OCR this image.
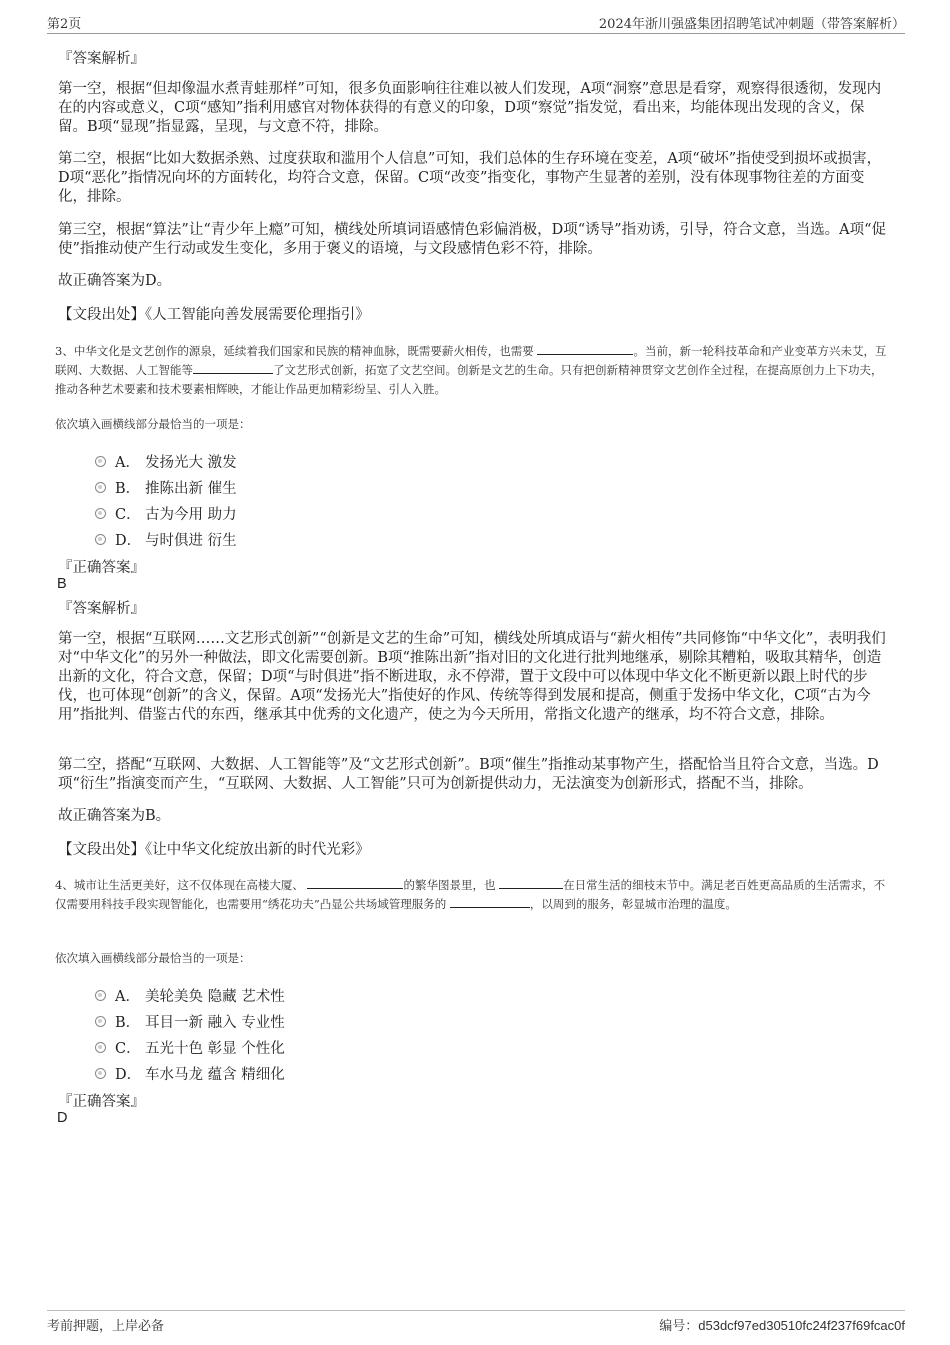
第2页	2024年浙川强盛集团招聘笔试冲刺题（带答案解析）
『答案解析』
第一空，根据“但却像温水煮青蛙那样”可知，很多负面影响往往难以被人们发现，A项“洞察”意思是看穿，观察得很透彻，发现内在的内容或意义，C项“感知”指利用感官对物体获得的有意义的印象，D项“察觉”指发觉，看出来，均能体现出发现的含义，保留。B项“显现”指显露，呈现，与文意不符，排除。
第二空，根据“比如大数据杀熟、过度获取和滥用个人信息”可知，我们总体的生存环境在变差，A项“破坏”指使受到损坏或损害，D项“恶化”指情况向坏的方面转化，均符合文意，保留。C项“改变”指变化，事物产生显著的差别，没有体现事物往差的方面变化，排除。
第三空，根据“算法”让“青少年上瘾”可知，横线处所填词语感情色彩偏消极，D项“诱导”指劝诱，引导，符合文意，当选。A项“促使”指推动使产生行动或发生变化，多用于褒义的语境，与文段感情色彩不符，排除。
故正确答案为D。
【文段出处】《人工智能向善发展需要伦理指引》
3、中华文化是文艺创作的源泉，延续着我们国家和民族的精神血脉，既需要薪火相传，也需要	。当前，新一轮科技革命和产业变革方兴未艾，互联网、大数据、人工智能等	了文艺形式创新，拓宽了文艺空间。创新是文艺的生命。只有把创新精神贯穿文艺创作全过程，在提高原创力上下功夫，推动各种艺术要素和技术要素相辉映，才能让作品更加精彩纷呈、引人入胜。
依次填入画横线部分最恰当的一项是：
A． 发扬光大 激发
B． 推陈出新 催生
C． 古为今用 助力
D． 与时俱进 衍生
『正确答案』
B
『答案解析』
第一空，根据“互联网……文艺形式创新”“创新是文艺的生命”可知，横线处所填成语与“薪火相传”共同修饰“中华文化”，表明我们对“中华文化”的另外一种做法，即文化需要创新。B项“推陈出新”指对旧的文化进行批判地继承，剔除其糟粕，吸取其精华，创造出新的文化，符合文意，保留；D项“与时俱进”指不断进取，永不停滞，置于文段中可以体现中华文化不断更新以跟上时代的步伐，也可体现“创新”的含义，保留。A项“发扬光大”指使好的作风、传统等得到发展和提高，侧重于发扬中华文化，C项“古为今用”指批判、借鉴古代的东西，继承其中优秀的文化遗产，使之为今天所用，常指文化遗产的继承，均不符合文意，排除。
第二空，搭配“互联网、大数据、人工智能等”及“文艺形式创新”。B项“催生”指推动某事物产生，搭配恰当且符合文意，当选。D项“衍生”指演变而产生，“互联网、大数据、人工智能”只可为创新提供动力，无法演变为创新形式，搭配不当，排除。
故正确答案为B。
【文段出处】《让中华文化绽放出新的时代光彩》
4、城市让生活更美好，这不仅体现在高楼大厦、	的繁华图景里，也	在日常生活的细枝末节中。满足老百姓更高品质的生活需求，不仅需要用科技手段实现智能化，也需要用“绣花功夫”凸显公共场域管理服务的	，以周到的服务，彰显城市治理的温度。
依次填入画横线部分最恰当的一项是：
A． 美轮美奂 隐藏 艺术性
B． 耳目一新 融入 专业性
C． 五光十色 彰显 个性化
D． 车水马龙 蕴含 精细化
『正确答案』
D
考前押题，上岸必备	编号：d53dcf97ed30510fc24f237f69fcac0f
